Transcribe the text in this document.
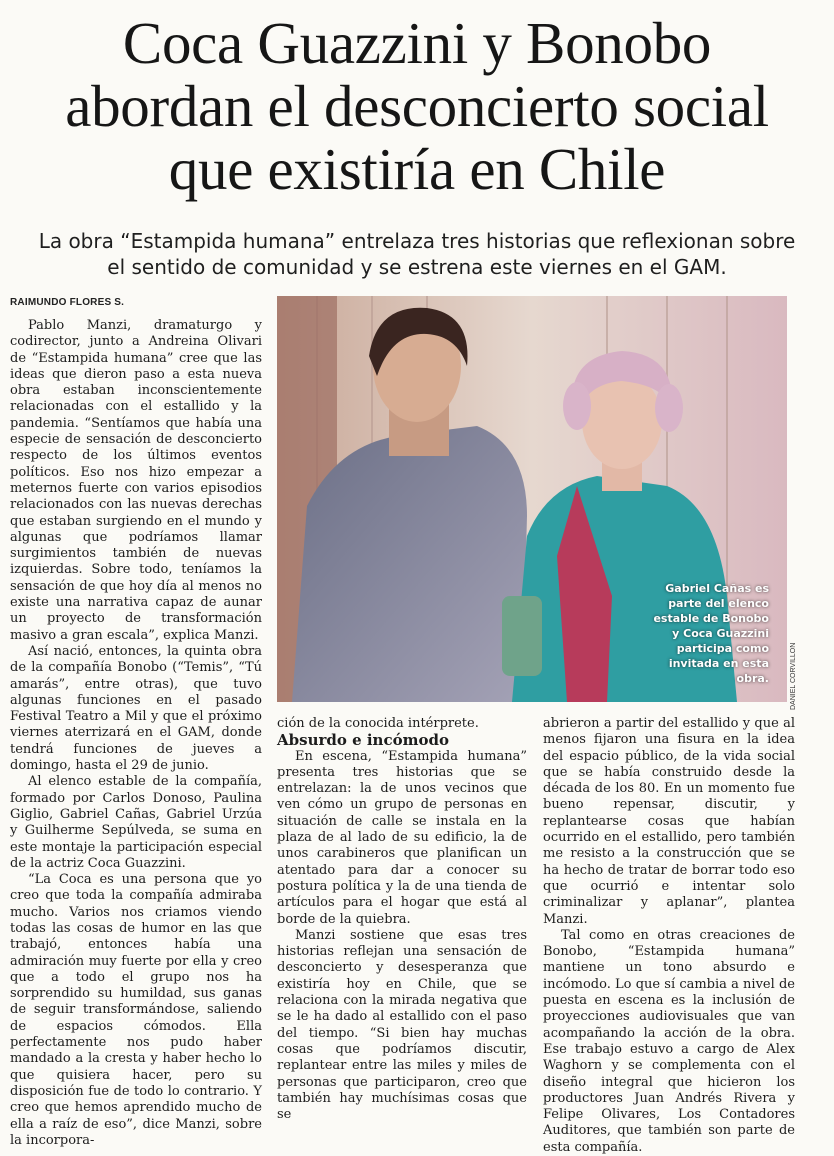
Coca Guazzini y Bonobo
abordan el desconcierto social
que existiría en Chile
La obra “Estampida humana” entrelaza tres historias que reflexionan sobre
el sentido de comunidad y se estrena este viernes en el GAM.
RAIMUNDO FLORES S.

Pablo Manzi, dramaturgo y codirector, junto a Andreina Olivari de “Estampida humana” cree que las ideas que dieron paso a esta nueva obra estaban inconscientemente relacionadas con el estallido y la pandemia. “Sentíamos que había una especie de sensación de desconcierto respecto de los últimos eventos políticos. Eso nos hizo empezar a meternos fuerte con varios episodios relacionados con las nuevas derechas que estaban surgiendo en el mundo y algunas que podríamos llamar surgimientos también de nuevas izquierdas. Sobre todo, teníamos la sensación de que hoy día al menos no existe una narrativa capaz de aunar un proyecto de transformación masivo a gran escala”, explica Manzi.

Así nació, entonces, la quinta obra de la compañía Bonobo (“Temis”, “Tú amarás”, entre otras), que tuvo algunas funciones en el pasado Festival Teatro a Mil y que el próximo viernes aterrizará en el GAM, donde tendrá funciones de jueves a domingo, hasta el 29 de junio.

Al elenco estable de la compañía, formado por Carlos Donoso, Paulina Giglio, Gabriel Cañas, Gabriel Urzúa y Guilherme Sepúlveda, se suma en este montaje la participación especial de la actriz Coca Guazzini.

“La Coca es una persona que yo creo que toda la compañía admiraba mucho. Varios nos criamos viendo todas las cosas de humor en las que trabajó, entonces había una admiración muy fuerte por ella y creo que a todo el grupo nos ha sorprendido su humildad, sus ganas de seguir transformándose, saliendo de espacios cómodos. Ella perfectamente nos pudo haber mandado a la cresta y haber hecho lo que quisiera hacer, pero su disposición fue de todo lo contrario. Y creo que hemos aprendido mucho de ella a raíz de eso”, dice Manzi, sobre la incorpora-

Gabriel Cañas es parte del elenco estable de Bonobo y Coca Guazzini participa como invitada en esta obra.	DANIEL CORVILLON

ción de la conocida intérprete.

Absurdo e incómodo

En escena, “Estampida humana” presenta tres historias que se entrelazan: la de unos vecinos que ven cómo un grupo de personas en situación de calle se instala en la plaza de al lado de su edificio, la de unos carabineros que planifican un atentado para dar a conocer su postura política y la de una tienda de artículos para el hogar que está al borde de la quiebra.

Manzi sostiene que esas tres historias reflejan una sensación de desconcierto y desesperanza que existiría hoy en Chile, que se relaciona con la mirada negativa que se le ha dado al estallido con el paso del tiempo. “Si bien hay muchas cosas que podríamos discutir, replantear entre las miles y miles de personas que participaron, creo que también hay muchísimas cosas que se

abrieron a partir del estallido y que al menos fijaron una fisura en la idea del espacio público, de la vida social que se había construido desde la década de los 80. En un momento fue bueno repensar, discutir, y replantearse cosas que habían ocurrido en el estallido, pero también me resisto a la construcción que se ha hecho de tratar de borrar todo eso que ocurrió e intentar solo criminalizar y aplanar”, plantea Manzi.

Tal como en otras creaciones de Bonobo, “Estampida humana” mantiene un tono absurdo e incómodo. Lo que sí cambia a nivel de puesta en escena es la inclusión de proyecciones audiovisuales que van acompañando la acción de la obra. Ese trabajo estuvo a cargo de Alex Waghorn y se complementa con el diseño integral que hicieron los productores Juan Andrés Rivera y Felipe Olivares, Los Contadores Auditores, que también son parte de esta compañía.
